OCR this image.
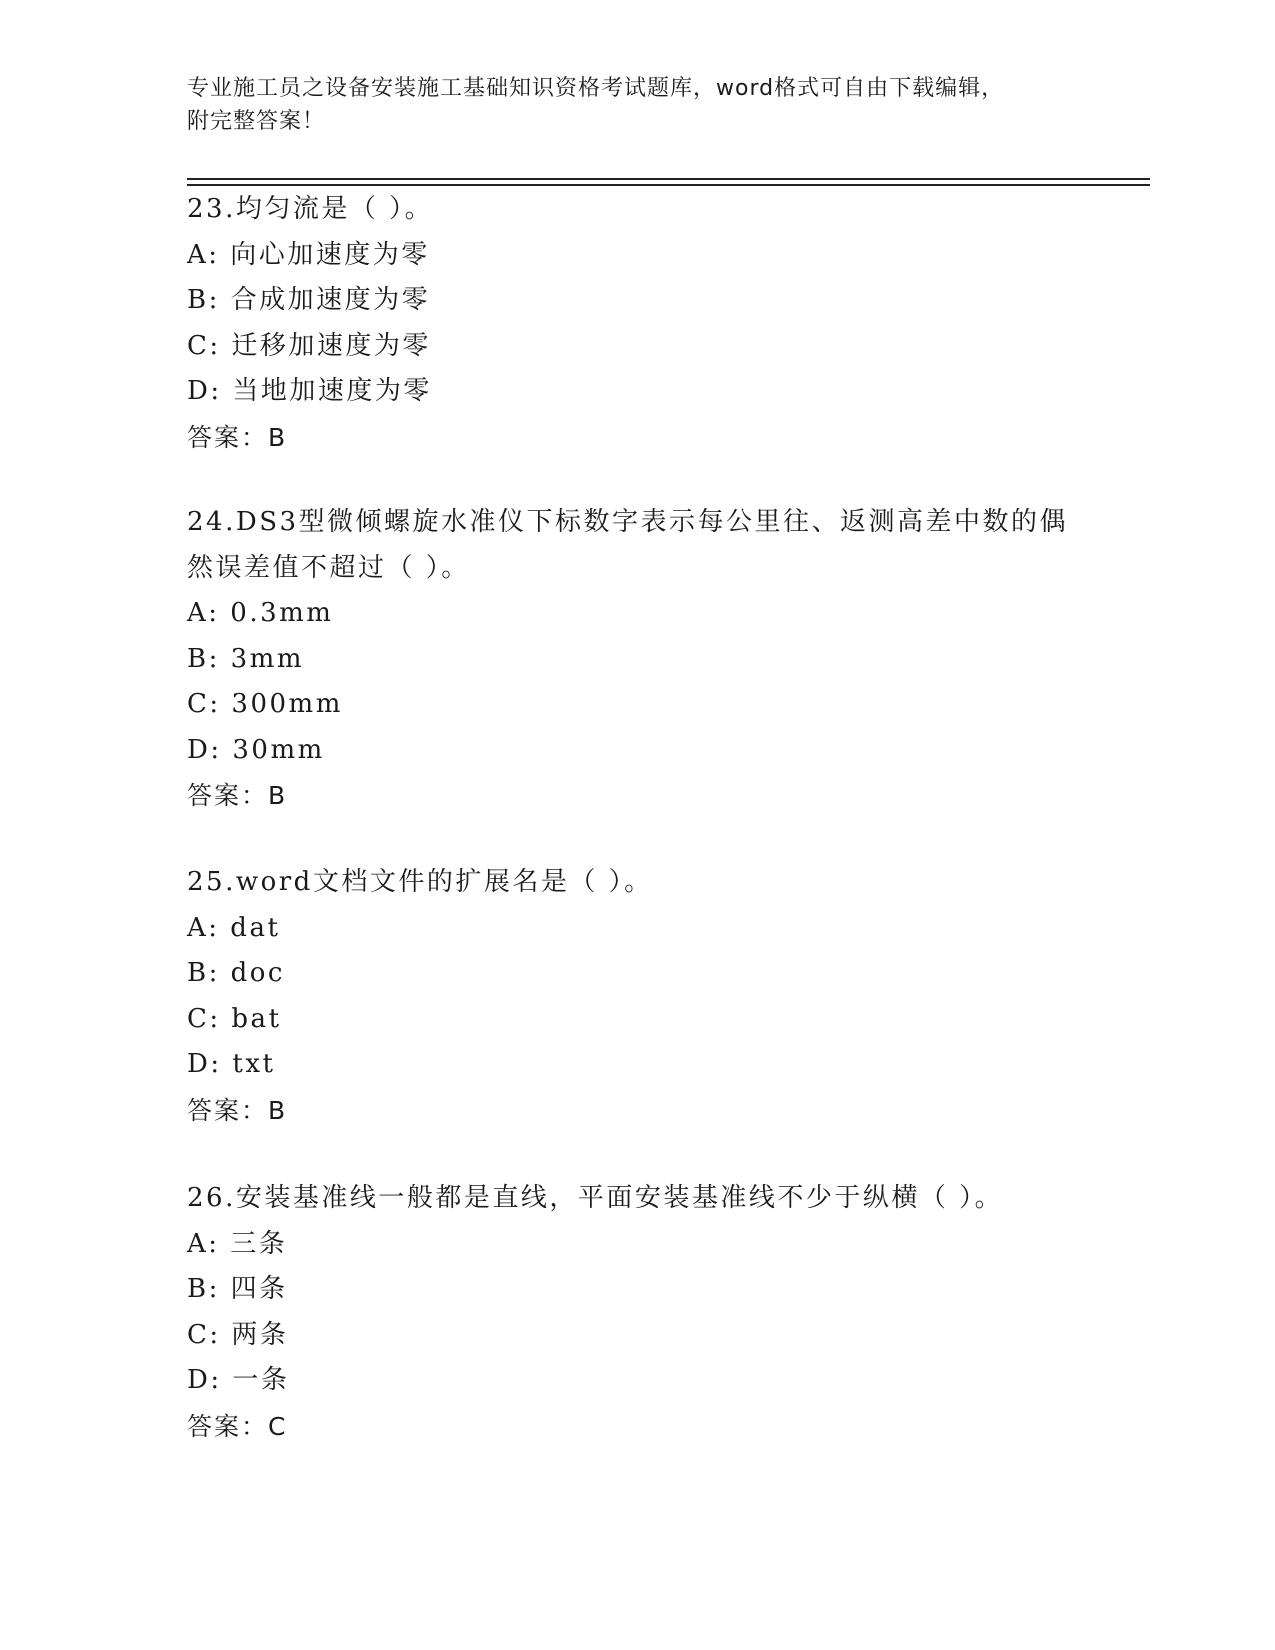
专业施工员之设备安装施工基础知识资格考试题库，word格式可自由下载编辑，
附完整答案！
23.均匀流是（ ）。
A: 向心加速度为零
B: 合成加速度为零
C: 迁移加速度为零
D: 当地加速度为零
答案：B
24.DS3型微倾螺旋水准仪下标数字表示每公里往、返测高差中数的偶
然误差值不超过（ ）。
A: 0.3mm
B: 3mm
C: 300mm
D: 30mm
答案：B
25.word文档文件的扩展名是（ ）。
A: dat
B: doc
C: bat
D: txt
答案：B
26.安装基准线一般都是直线，平面安装基准线不少于纵横（ ）。
A: 三条
B: 四条
C: 两条
D: 一条
答案：C
